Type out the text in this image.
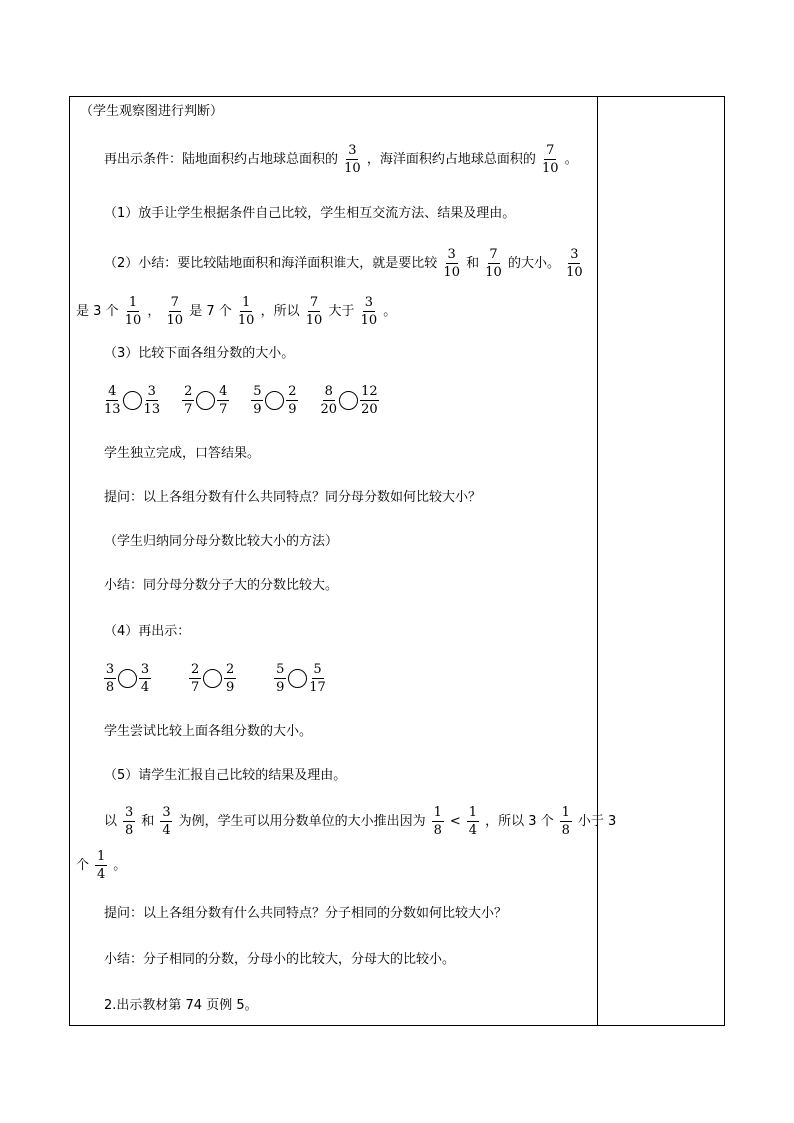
（学生观察图进行判断）
再出示条件：陆地面积约占地球总面积的 $\frac{3}{10}$ ，海洋面积约占地球总面积的 $\frac{7}{10}$ 。
（1）放手让学生根据条件自己比较，学生相互交流方法、结果及理由。
（2）小结：要比较陆地面积和海洋面积谁大，就是要比较 $\frac{3}{10}$ 和 $\frac{7}{10}$ 的大小。 $\frac{3}{10}$
是 3 个 $\frac{1}{10}$ ， $\frac{7}{10}$ 是 7 个 $\frac{1}{10}$ ，所以 $\frac{7}{10}$ 大于 $\frac{3}{10}$ 。
（3）比较下面各组分数的大小。
$\frac{4}{13} \frac{3}{13}$
$\frac{2}{7} \frac{4}{7}$
$\frac{5}{9} \frac{2}{9}$
$\frac{8}{20} \frac{12}{20}$
学生独立完成，口答结果。
提问：以上各组分数有什么共同特点？同分母分数如何比较大小？
（学生归纳同分母分数比较大小的方法）
小结：同分母分数分子大的分数比较大。
（4）再出示：
$\frac{3}{8} \frac{3}{4}$
	$\frac{2}{7} \frac{2}{9}$
	$\frac{5}{9} \frac{5}{17}$
学生尝试比较上面各组分数的大小。
（5）请学生汇报自己比较的结果及理由。
以 $\frac{3}{8}$ 和 $\frac{3}{4}$ 为例，学生可以用分数单位的大小推出因为 $\frac{1}{8} < \frac{1}{4}$ ，所以 3 个 $\frac{1}{8}$ 小于 3
个 $\frac{1}{4}$ 。
提问：以上各组分数有什么共同特点？分子相同的分数如何比较大小？
小结：分子相同的分数，分母小的比较大，分母大的比较小。
2.出示教材第 74 页例 5。
